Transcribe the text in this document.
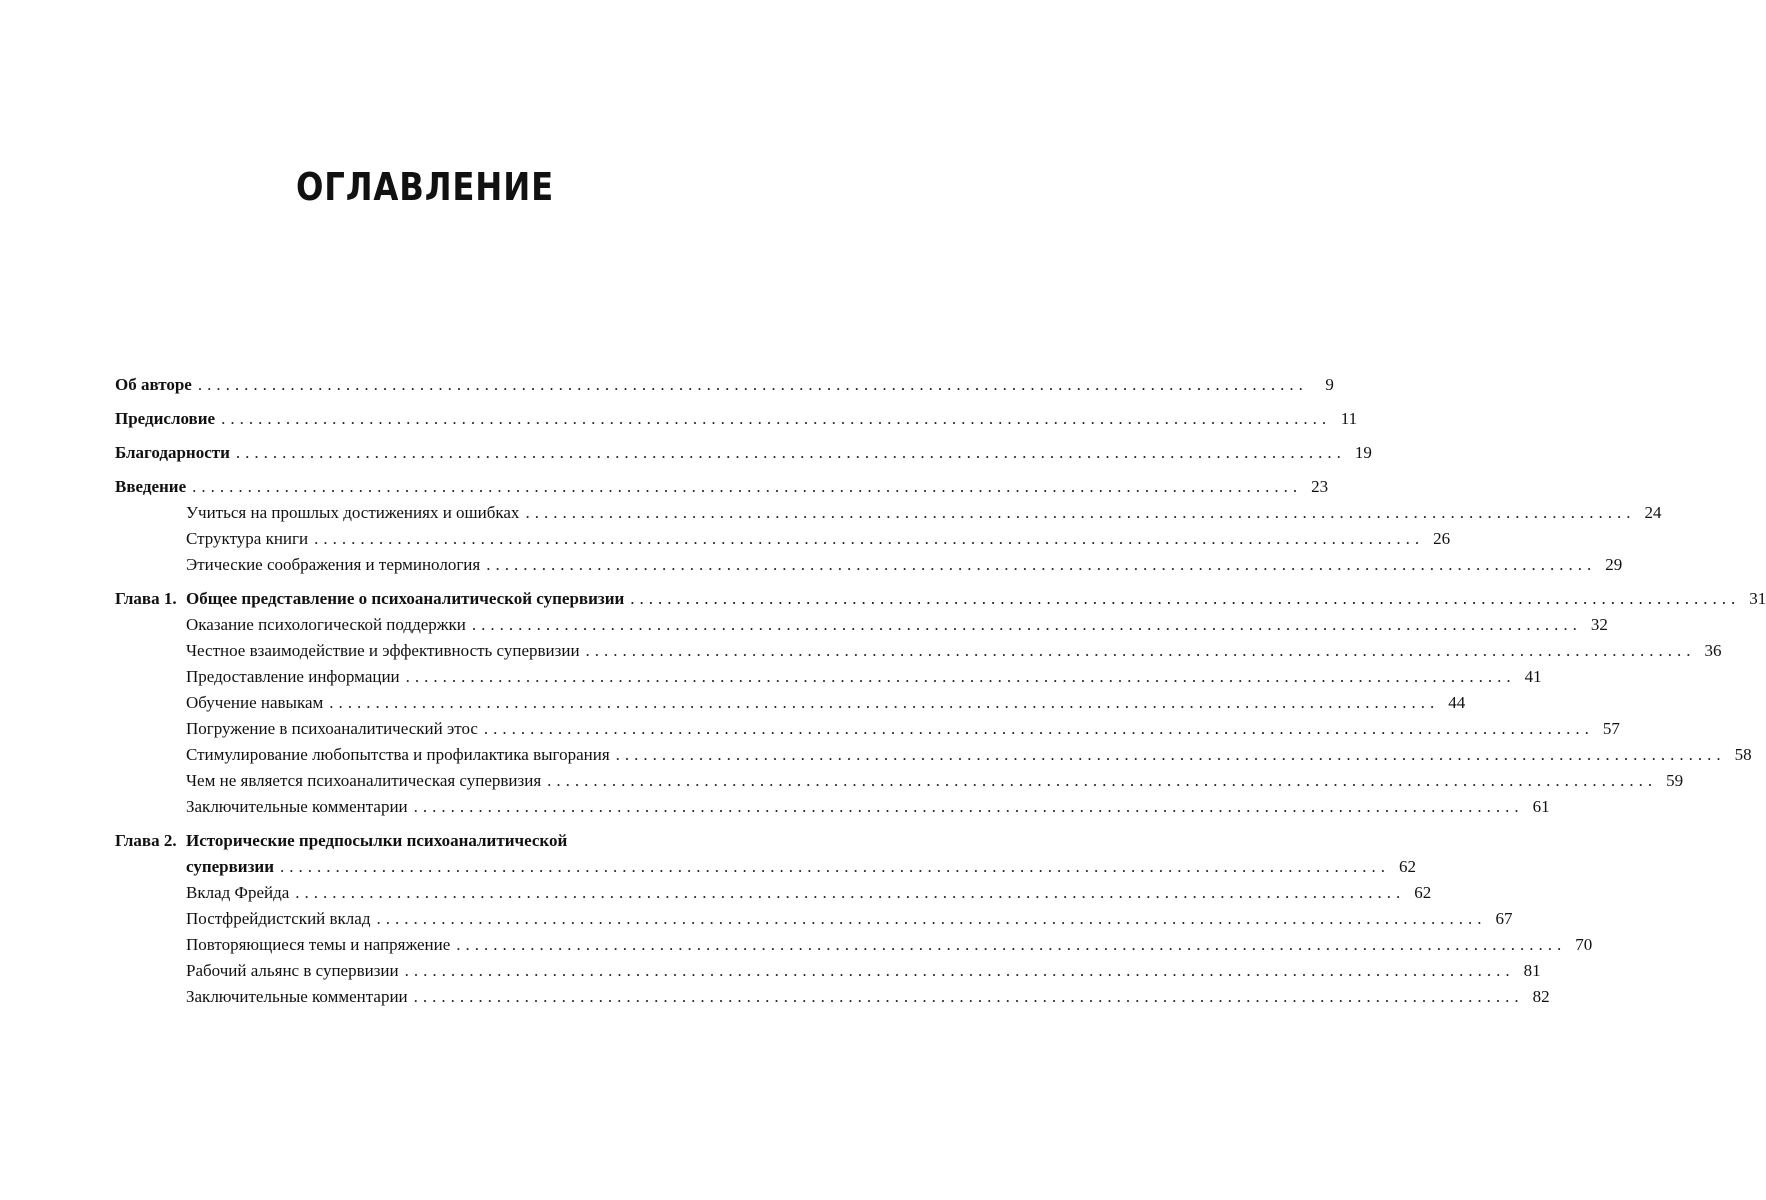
ОГЛАВЛЕНИЕ
Об авторе ........................................................................................................................	9
Предисловие ........................................................................................................................ 11
Благодарности ........................................................................................................................ 19
Введение ........................................................................................................................ 23
Учиться на прошлых достижениях и ошибках ........................................................................................................................ 24
Структура книги ........................................................................................................................ 26
Этические соображения и терминология ........................................................................................................................ 29
Глава 1. Общее представление о психоаналитической супервизии ........................................................................................................................ 31
Оказание психологической поддержки ........................................................................................................................ 32
Честное взаимодействие и эффективность супервизии ........................................................................................................................ 36
Предоставление информации ........................................................................................................................ 41
Обучение навыкам ........................................................................................................................ 44
Погружение в психоаналитический этос ........................................................................................................................ 57
Стимулирование любопытства и профилактика выгорания ........................................................................................................................ 58
Чем не является психоаналитическая супервизия ........................................................................................................................ 59
Заключительные комментарии ........................................................................................................................ 61
Глава 2. Исторические предпосылки психоаналитической
супервизии ........................................................................................................................ 62
Вклад Фрейда ........................................................................................................................ 62
Постфрейдистский вклад ........................................................................................................................ 67
Повторяющиеся темы и напряжение ........................................................................................................................ 70
Рабочий альянс в супервизии ........................................................................................................................ 81
Заключительные комментарии ........................................................................................................................ 82
